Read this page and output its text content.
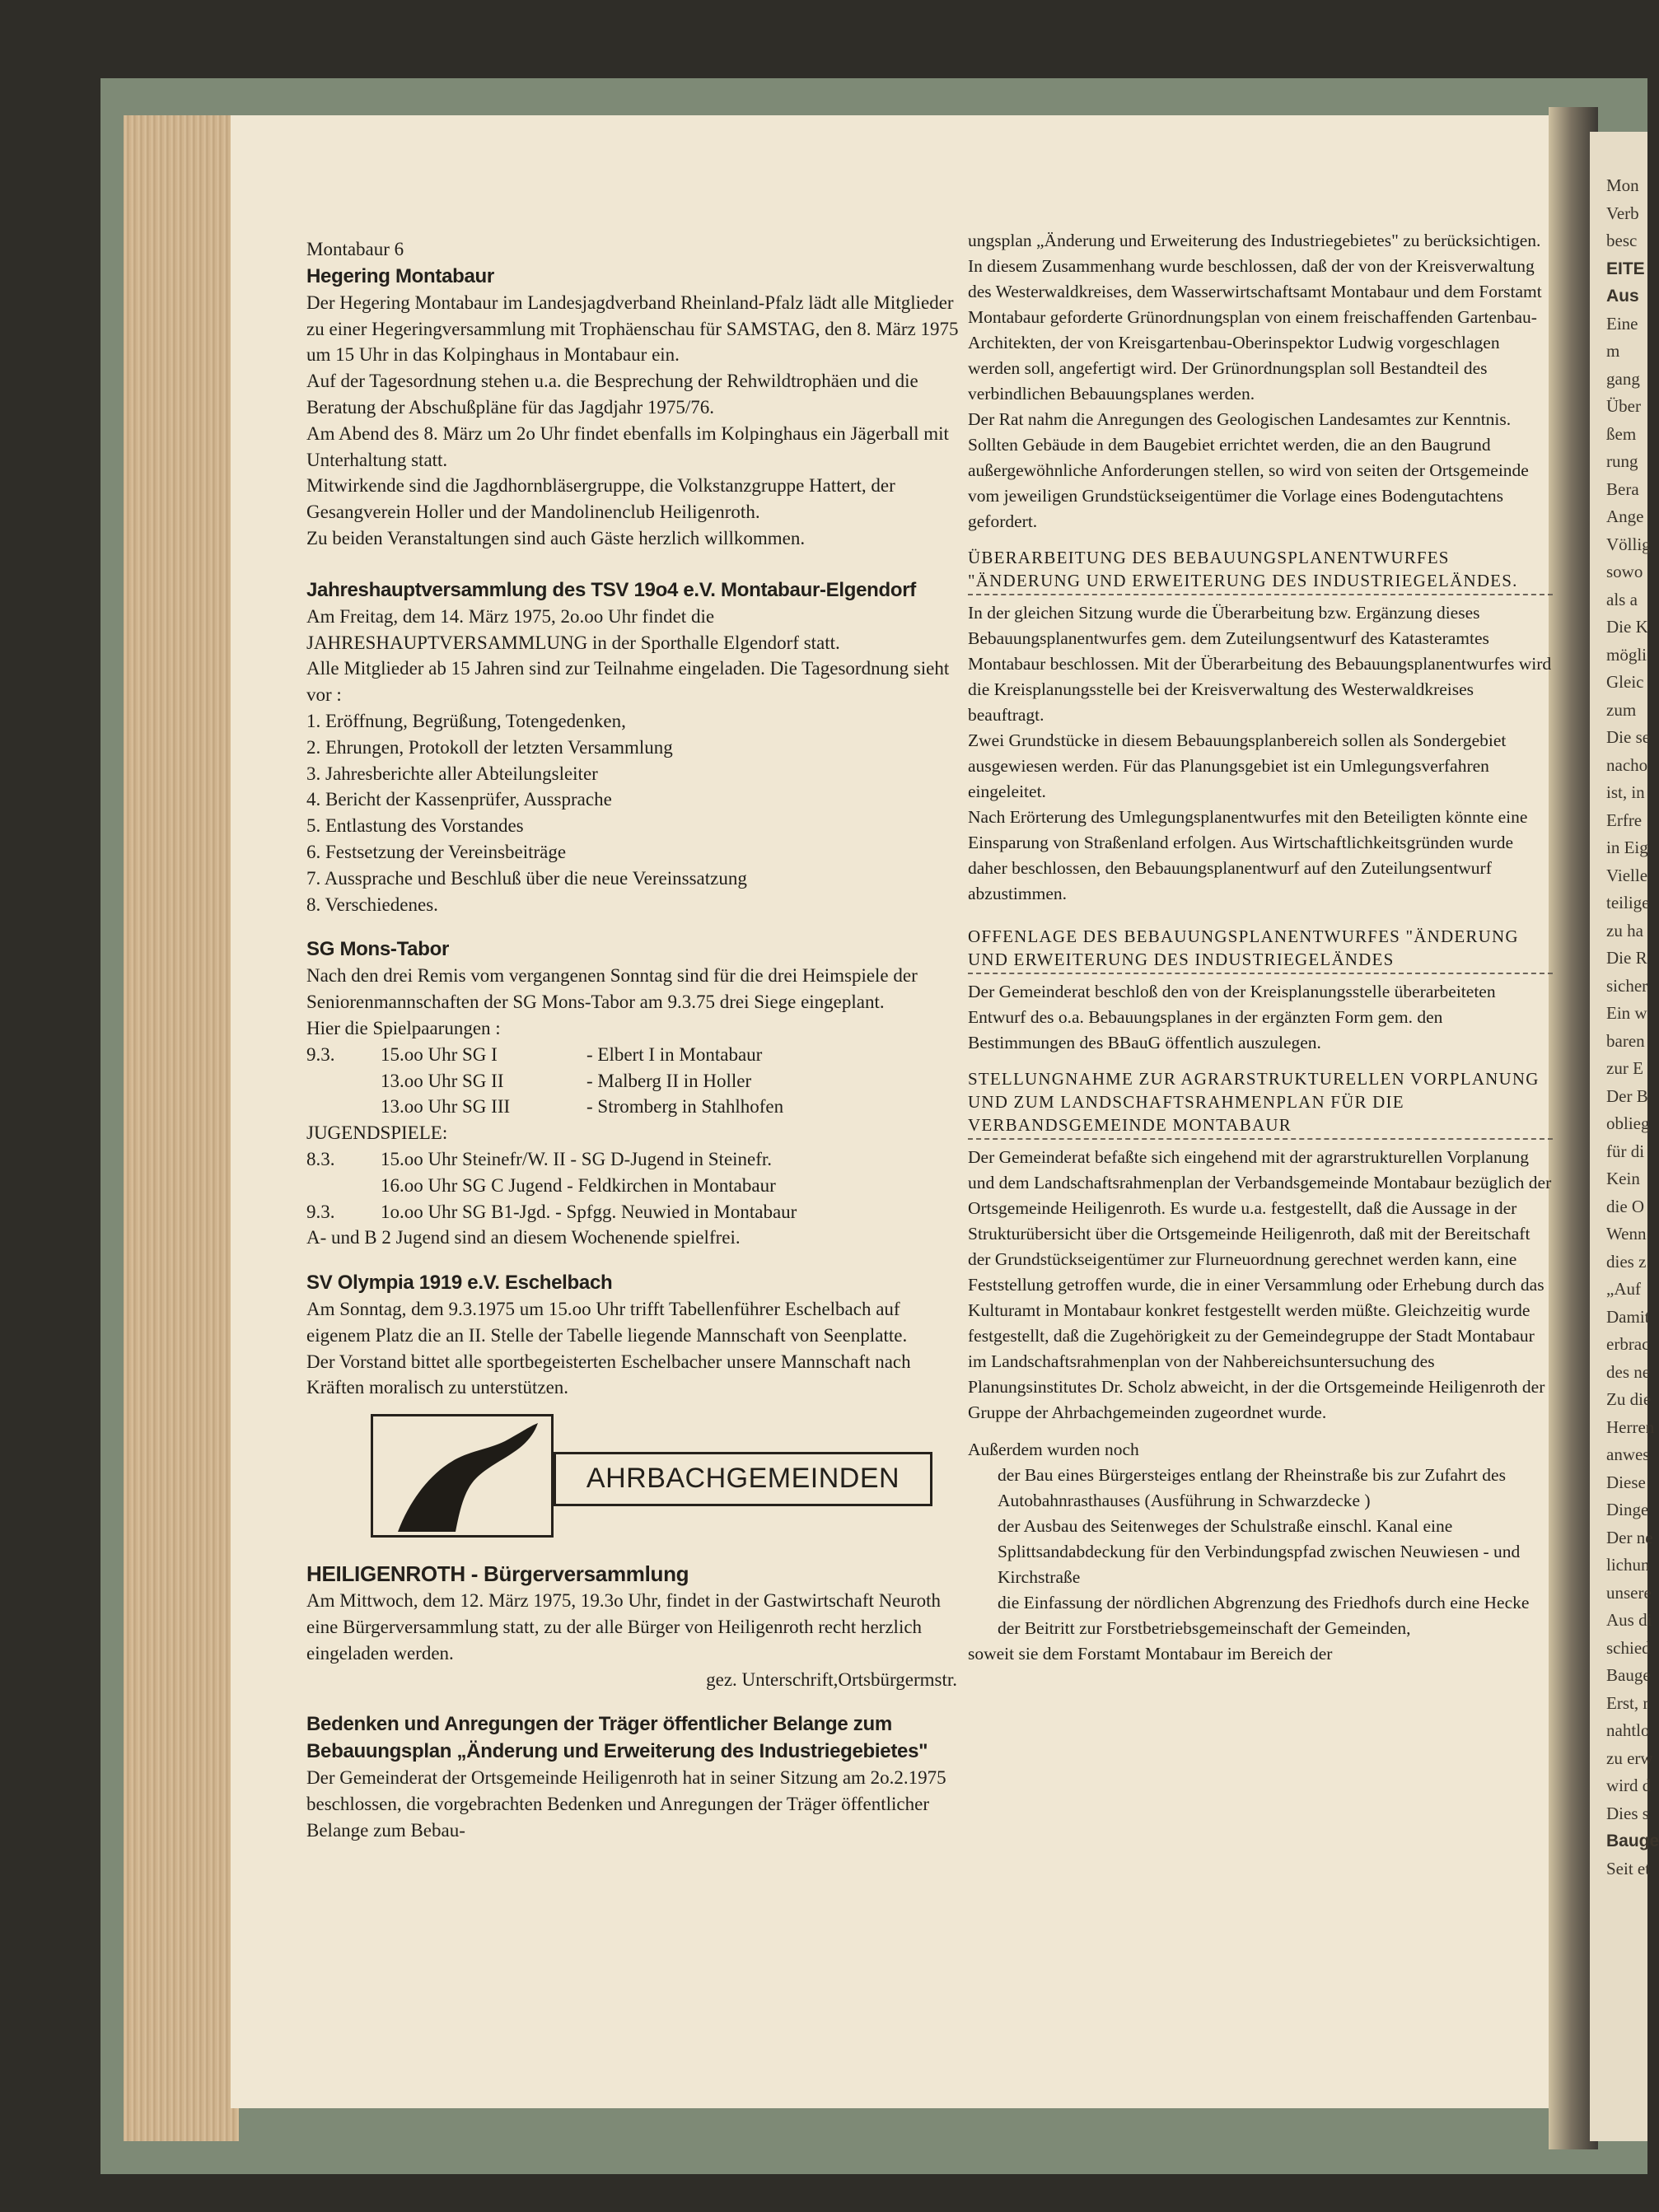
Mon
Verb
besc
EITE
Aus
Eine
m
gang
Über
ßem
rung
Bera
Ange
Völlig
sowo
als a
Die K
mögli
Gleic
zum
Die se
nacho
ist, in
Erfre
in Eig
Vielle
teilige
zu ha
Die R
sicher
Ein w
baren
zur E
Der B
oblieg
für di
Kein
die O
Wenn
dies z
„Auf
Damit
erbrac
des ne
Zu die
Herren
anwes
Diese
Dinge
Der ne
lichun
unsere
Aus di
schied
Bauge
Erst, r
nahtlo
zu erw
wird d
Dies s
Bauge
Seit et
Montabaur 6
Hegering Montabaur
Der Hegering Montabaur im Landesjagdverband Rheinland-Pfalz lädt alle Mitglieder zu einer Hegeringversammlung mit Trophäenschau für SAMSTAG, den 8. März 1975 um 15 Uhr in das Kolpinghaus in Montabaur ein.
Auf der Tagesordnung stehen u.a. die Besprechung der Rehwildtrophäen und die Beratung der Abschußpläne für das Jagdjahr 1975/76.
Am Abend des 8. März um 2o Uhr findet ebenfalls im Kolpinghaus ein Jägerball mit Unterhaltung statt.
Mitwirkende sind die Jagdhornbläsergruppe, die Volkstanzgruppe Hattert, der Gesangverein Holler und der Mandolinenclub Heiligenroth.
Zu beiden Veranstaltungen sind auch Gäste herzlich willkommen.
Jahreshauptversammlung des TSV 19o4 e.V. Montabaur-Elgendorf
Am Freitag, dem 14. März 1975, 2o.oo Uhr findet die JAHRESHAUPTVERSAMMLUNG in der Sporthalle Elgendorf statt.
Alle Mitglieder ab 15 Jahren sind zur Teilnahme eingeladen. Die Tagesordnung sieht vor :
1. Eröffnung, Begrüßung, Totengedenken,
2. Ehrungen, Protokoll der letzten Versammlung
3. Jahresberichte aller Abteilungsleiter
4. Bericht der Kassenprüfer, Aussprache
5. Entlastung des Vorstandes
6. Festsetzung der Vereinsbeiträge
7. Aussprache und Beschluß über die neue Vereinssatzung
8. Verschiedenes.
SG Mons-Tabor
Nach den drei Remis vom vergangenen Sonntag sind für die drei Heimspiele der Seniorenmannschaften der SG Mons-Tabor am 9.3.75 drei Siege eingeplant.
Hier die Spielpaarungen :
9.3.	15.oo Uhr SG I	- Elbert I in Montabaur
13.oo Uhr SG II	- Malberg II in Holler
13.oo Uhr SG III	- Stromberg in Stahlhofen
JUGENDSPIELE:
8.3.	15.oo Uhr Steinefr/W. II - SG D-Jugend in Steinefr.
16.oo Uhr SG C Jugend - Feldkirchen in Montabaur
9.3.	1o.oo Uhr SG B1-Jgd. - Spfgg. Neuwied in Montabaur
A- und B 2 Jugend sind an diesem Wochenende spielfrei.
SV Olympia 1919 e.V. Eschelbach
Am Sonntag, dem 9.3.1975 um 15.oo Uhr trifft Tabellenführer Eschelbach auf eigenem Platz die an II. Stelle der Tabelle liegende Mannschaft von Seenplatte.
Der Vorstand bittet alle sportbegeisterten Eschelbacher unsere Mannschaft nach Kräften moralisch zu unterstützen.
AHRBACHGEMEINDEN
HEILIGENROTH - Bürgerversammlung
Am Mittwoch, dem 12. März 1975, 19.3o Uhr, findet in der Gastwirtschaft Neuroth eine Bürgerversammlung statt, zu der alle Bürger von Heiligenroth recht herzlich eingeladen werden.
gez. Unterschrift,Ortsbürgermstr.
Bedenken und Anregungen der Träger öffentlicher Belange zum Bebauungsplan „Änderung und Erweiterung des Industriegebietes"
Der Gemeinderat der Ortsgemeinde Heiligenroth hat in seiner Sitzung am 2o.2.1975 beschlossen, die vorgebrachten Bedenken und Anregungen der Träger öffentlicher Belange zum Bebau-
ungsplan „Änderung und Erweiterung des Industriegebietes" zu berücksichtigen.
In diesem Zusammenhang wurde beschlossen, daß der von der Kreisverwaltung des Westerwaldkreises, dem Wasserwirtschaftsamt Montabaur und dem Forstamt Montabaur geforderte Grünordnungsplan von einem freischaffenden Gartenbau-Architekten, der von Kreisgartenbau-Oberinspektor Ludwig vorgeschlagen werden soll, angefertigt wird. Der Grünordnungsplan soll Bestandteil des verbindlichen Bebauungsplanes werden.
Der Rat nahm die Anregungen des Geologischen Landesamtes zur Kenntnis. Sollten Gebäude in dem Baugebiet errichtet werden, die an den Baugrund außergewöhnliche Anforderungen stellen, so wird von seiten der Ortsgemeinde vom jeweiligen Grundstückseigentümer die Vorlage eines Bodengutachtens gefordert.
ÜBERARBEITUNG DES BEBAUUNGSPLANENTWURFES "ÄNDERUNG UND ERWEITERUNG DES INDUSTRIEGELÄNDES.
In der gleichen Sitzung wurde die Überarbeitung bzw. Ergänzung dieses Bebauungsplanentwurfes gem. dem Zuteilungsentwurf des Katasteramtes Montabaur beschlossen. Mit der Überarbeitung des Bebauungsplanentwurfes wird die Kreisplanungsstelle bei der Kreisverwaltung des Westerwaldkreises beauftragt.
Zwei Grundstücke in diesem Bebauungsplanbereich sollen als Sondergebiet ausgewiesen werden. Für das Planungsgebiet ist ein Umlegungsverfahren eingeleitet.
Nach Erörterung des Umlegungsplanentwurfes mit den Beteiligten könnte eine Einsparung von Straßenland erfolgen. Aus Wirtschaftlichkeitsgründen wurde daher beschlossen, den Bebauungsplanentwurf auf den Zuteilungsentwurf abzustimmen.
OFFENLAGE DES BEBAUUNGSPLANENTWURFES "ÄNDERUNG UND ERWEITERUNG DES INDUSTRIEGELÄNDES
Der Gemeinderat beschloß den von der Kreisplanungsstelle überarbeiteten Entwurf des o.a. Bebauungsplanes in der ergänzten Form gem. den Bestimmungen des BBauG öffentlich auszulegen.
STELLUNGNAHME ZUR AGRARSTRUKTURELLEN VORPLANUNG UND ZUM LANDSCHAFTSRAHMENPLAN FÜR DIE VERBANDSGEMEINDE MONTABAUR
Der Gemeinderat befaßte sich eingehend mit der agrarstrukturellen Vorplanung und dem Landschaftsrahmenplan der Verbandsgemeinde Montabaur bezüglich der Ortsgemeinde Heiligenroth. Es wurde u.a. festgestellt, daß die Aussage in der Strukturübersicht über die Ortsgemeinde Heiligenroth, daß mit der Bereitschaft der Grundstückseigentümer zur Flurneuordnung gerechnet werden kann, eine Feststellung getroffen wurde, die in einer Versammlung oder Erhebung durch das Kulturamt in Montabaur konkret festgestellt werden müßte. Gleichzeitig wurde festgestellt, daß die Zugehörigkeit zu der Gemeindegruppe der Stadt Montabaur im Landschaftsrahmenplan von der Nahbereichsuntersuchung des Planungsinstitutes Dr. Scholz abweicht, in der die Ortsgemeinde Heiligenroth der Gruppe der Ahrbachgemeinden zugeordnet wurde.
Außerdem wurden noch
der Bau eines Bürgersteiges entlang der Rheinstraße bis zur Zufahrt des Autobahnrasthauses (Ausführung in Schwarzdecke )
der Ausbau des Seitenweges der Schulstraße einschl. Kanal eine Splittsandabdeckung für den Verbindungspfad zwischen Neuwiesen - und Kirchstraße
die Einfassung der nördlichen Abgrenzung des Friedhofs durch eine Hecke
der Beitritt zur Forstbetriebsgemeinschaft der Gemeinden,
soweit sie dem Forstamt Montabaur im Bereich der
